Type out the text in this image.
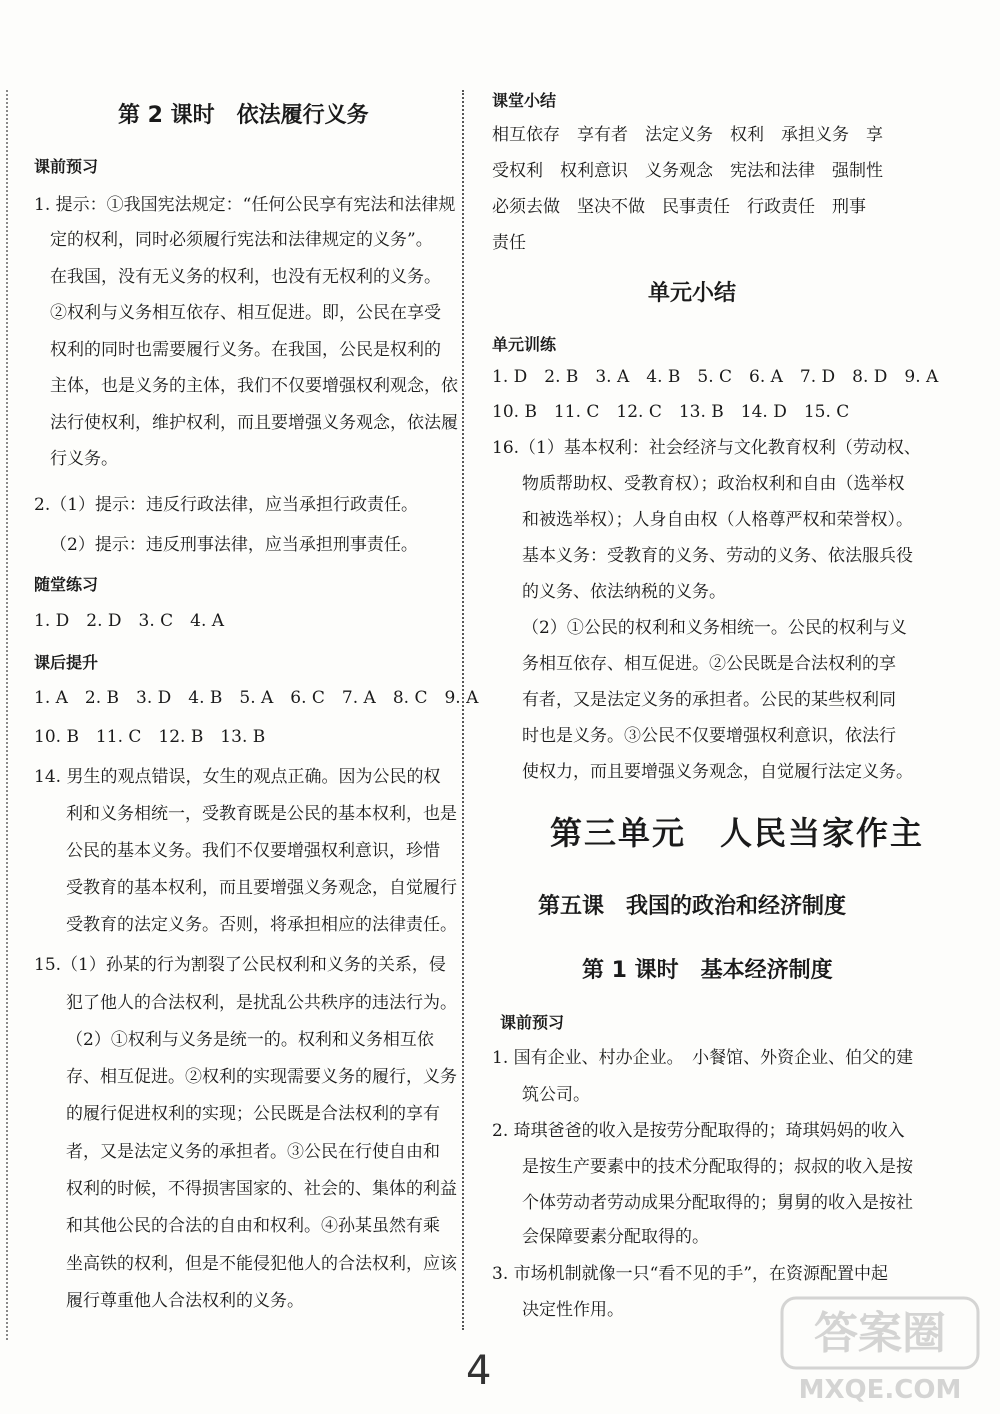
第 2 课时　依法履行义务
课前预习
1. 提示：①我国宪法规定：“任何公民享有宪法和法律规
定的权利，同时必须履行宪法和法律规定的义务”。
在我国，没有无义务的权利，也没有无权利的义务。
②权利与义务相互依存、相互促进。即，公民在享受
权利的同时也需要履行义务。在我国，公民是权利的
主体，也是义务的主体，我们不仅要增强权利观念，依
法行使权利，维护权利，而且要增强义务观念，依法履
行义务。
2.（1）提示：违反行政法律，应当承担行政责任。
（2）提示：违反刑事法律，应当承担刑事责任。
随堂练习
1. D　2. D　3. C　4. A
课后提升
1. A　2. B　3. D　4. B　5. A　6. C　7. A　8. C　9. A
10. B　11. C　12. B　13. B
14. 男生的观点错误，女生的观点正确。因为公民的权
利和义务相统一，受教育既是公民的基本权利，也是
公民的基本义务。我们不仅要增强权利意识，珍惜
受教育的基本权利，而且要增强义务观念，自觉履行
受教育的法定义务。否则，将承担相应的法律责任。
15.（1）孙某的行为割裂了公民权利和义务的关系，侵
犯了他人的合法权利，是扰乱公共秩序的违法行为。
（2）①权利与义务是统一的。权利和义务相互依
存、相互促进。②权利的实现需要义务的履行，义务
的履行促进权利的实现；公民既是合法权利的享有
者，又是法定义务的承担者。③公民在行使自由和
权利的时候，不得损害国家的、社会的、集体的利益
和其他公民的合法的自由和权利。④孙某虽然有乘
坐高铁的权利，但是不能侵犯他人的合法权利，应该
履行尊重他人合法权利的义务。
课堂小结
相互依存　享有者　法定义务　权利　承担义务　享
受权利　权利意识　义务观念　宪法和法律　强制性
必须去做　坚决不做　民事责任　行政责任　刑事
责任
单元小结
单元训练
1. D　2. B　3. A　4. B　5. C　6. A　7. D　8. D　9. A
10. B　11. C　12. C　13. B　14. D　15. C
16.（1）基本权利：社会经济与文化教育权利（劳动权、
物质帮助权、受教育权）；政治权利和自由（选举权
和被选举权）；人身自由权（人格尊严权和荣誉权）。
基本义务：受教育的义务、劳动的义务、依法服兵役
的义务、依法纳税的义务。
（2）①公民的权利和义务相统一。公民的权利与义
务相互依存、相互促进。②公民既是合法权利的享
有者，又是法定义务的承担者。公民的某些权利同
时也是义务。③公民不仅要增强权利意识，依法行
使权力，而且要增强义务观念，自觉履行法定义务。
第三单元　人民当家作主
第五课　我国的政治和经济制度
第 1 课时　基本经济制度
课前预习
1. 国有企业、村办企业。　小餐馆、外资企业、伯父的建
筑公司。
2. 琦琪爸爸的收入是按劳分配取得的；琦琪妈妈的收入
是按生产要素中的技术分配取得的；叔叔的收入是按
个体劳动者劳动成果分配取得的；舅舅的收入是按社
会保障要素分配取得的。
3. 市场机制就像一只“看不见的手”，在资源配置中起
决定性作用。
4
答案圈
MXQE.COM
